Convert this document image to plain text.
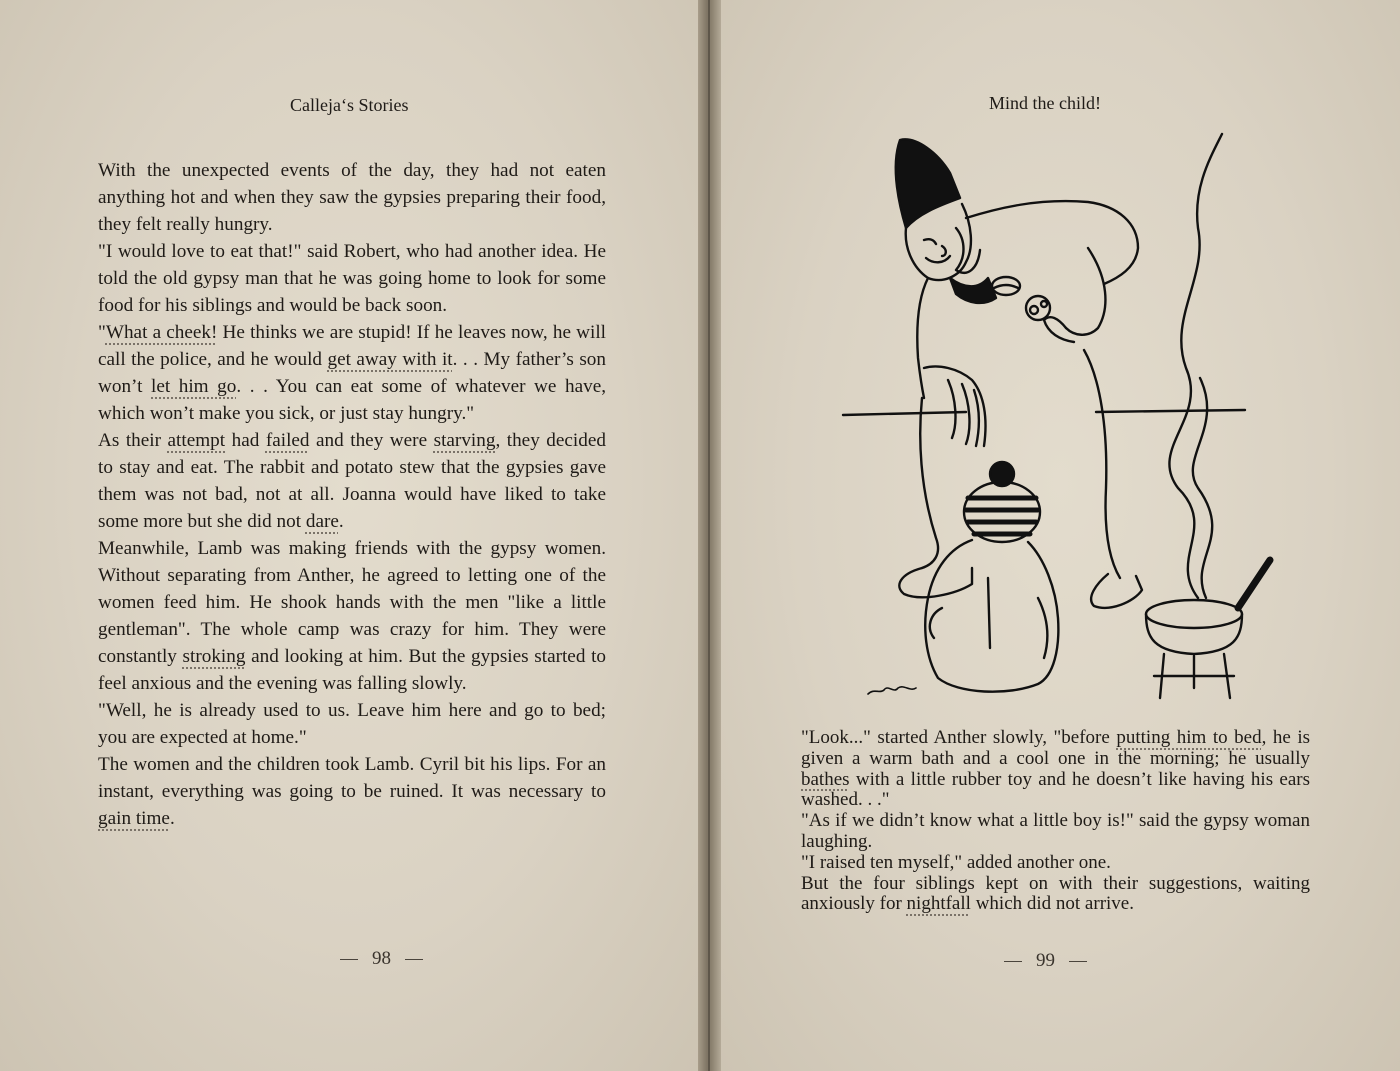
Calleja‘s Stories

With the unexpected events of the day, they had not eaten anything hot and when they saw the gypsies preparing their food, they felt really hungry.

"I would love to eat that!" said Robert, who had another idea. He told the old gypsy man that he was going home to look for some food for his siblings and would be back soon.

"What a cheek! He thinks we are stupid! If he leaves now, he will call the police, and he would get away with it. . . My father’s son won’t let him go. . . You can eat some of whatever we have, which won’t make you sick, or just stay hungry."

As their attempt had failed and they were starving, they decided to stay and eat. The rabbit and potato stew that the gypsies gave them was not bad, not at all. Joanna would have liked to take some more but she did not dare.

Meanwhile, Lamb was making friends with the gypsy women. Without separating from Anther, he agreed to letting one of the women feed him. He shook hands with the men "like a little gentleman". The whole camp was crazy for him. They were constantly stroking and looking at him. But the gypsies started to feel anxious and the evening was falling slowly.

"Well, he is already used to us. Leave him here and go to bed; you are expected at home."

The women and the children took Lamb. Cyril bit his lips. For an instant, everything was going to be ruined. It was necessary to gain time.

98
Mind the child!

"Look..." started Anther slowly, "before putting him to bed, he is given a warm bath and a cool one in the morning; he usually bathes with a little rubber toy and he doesn’t like having his ears washed. . ."

"As if we didn’t know what a little boy is!" said the gypsy woman laughing.

"I raised ten myself," added another one.

But the four siblings kept on with their suggestions, waiting anxiously for nightfall which did not arrive.

99
